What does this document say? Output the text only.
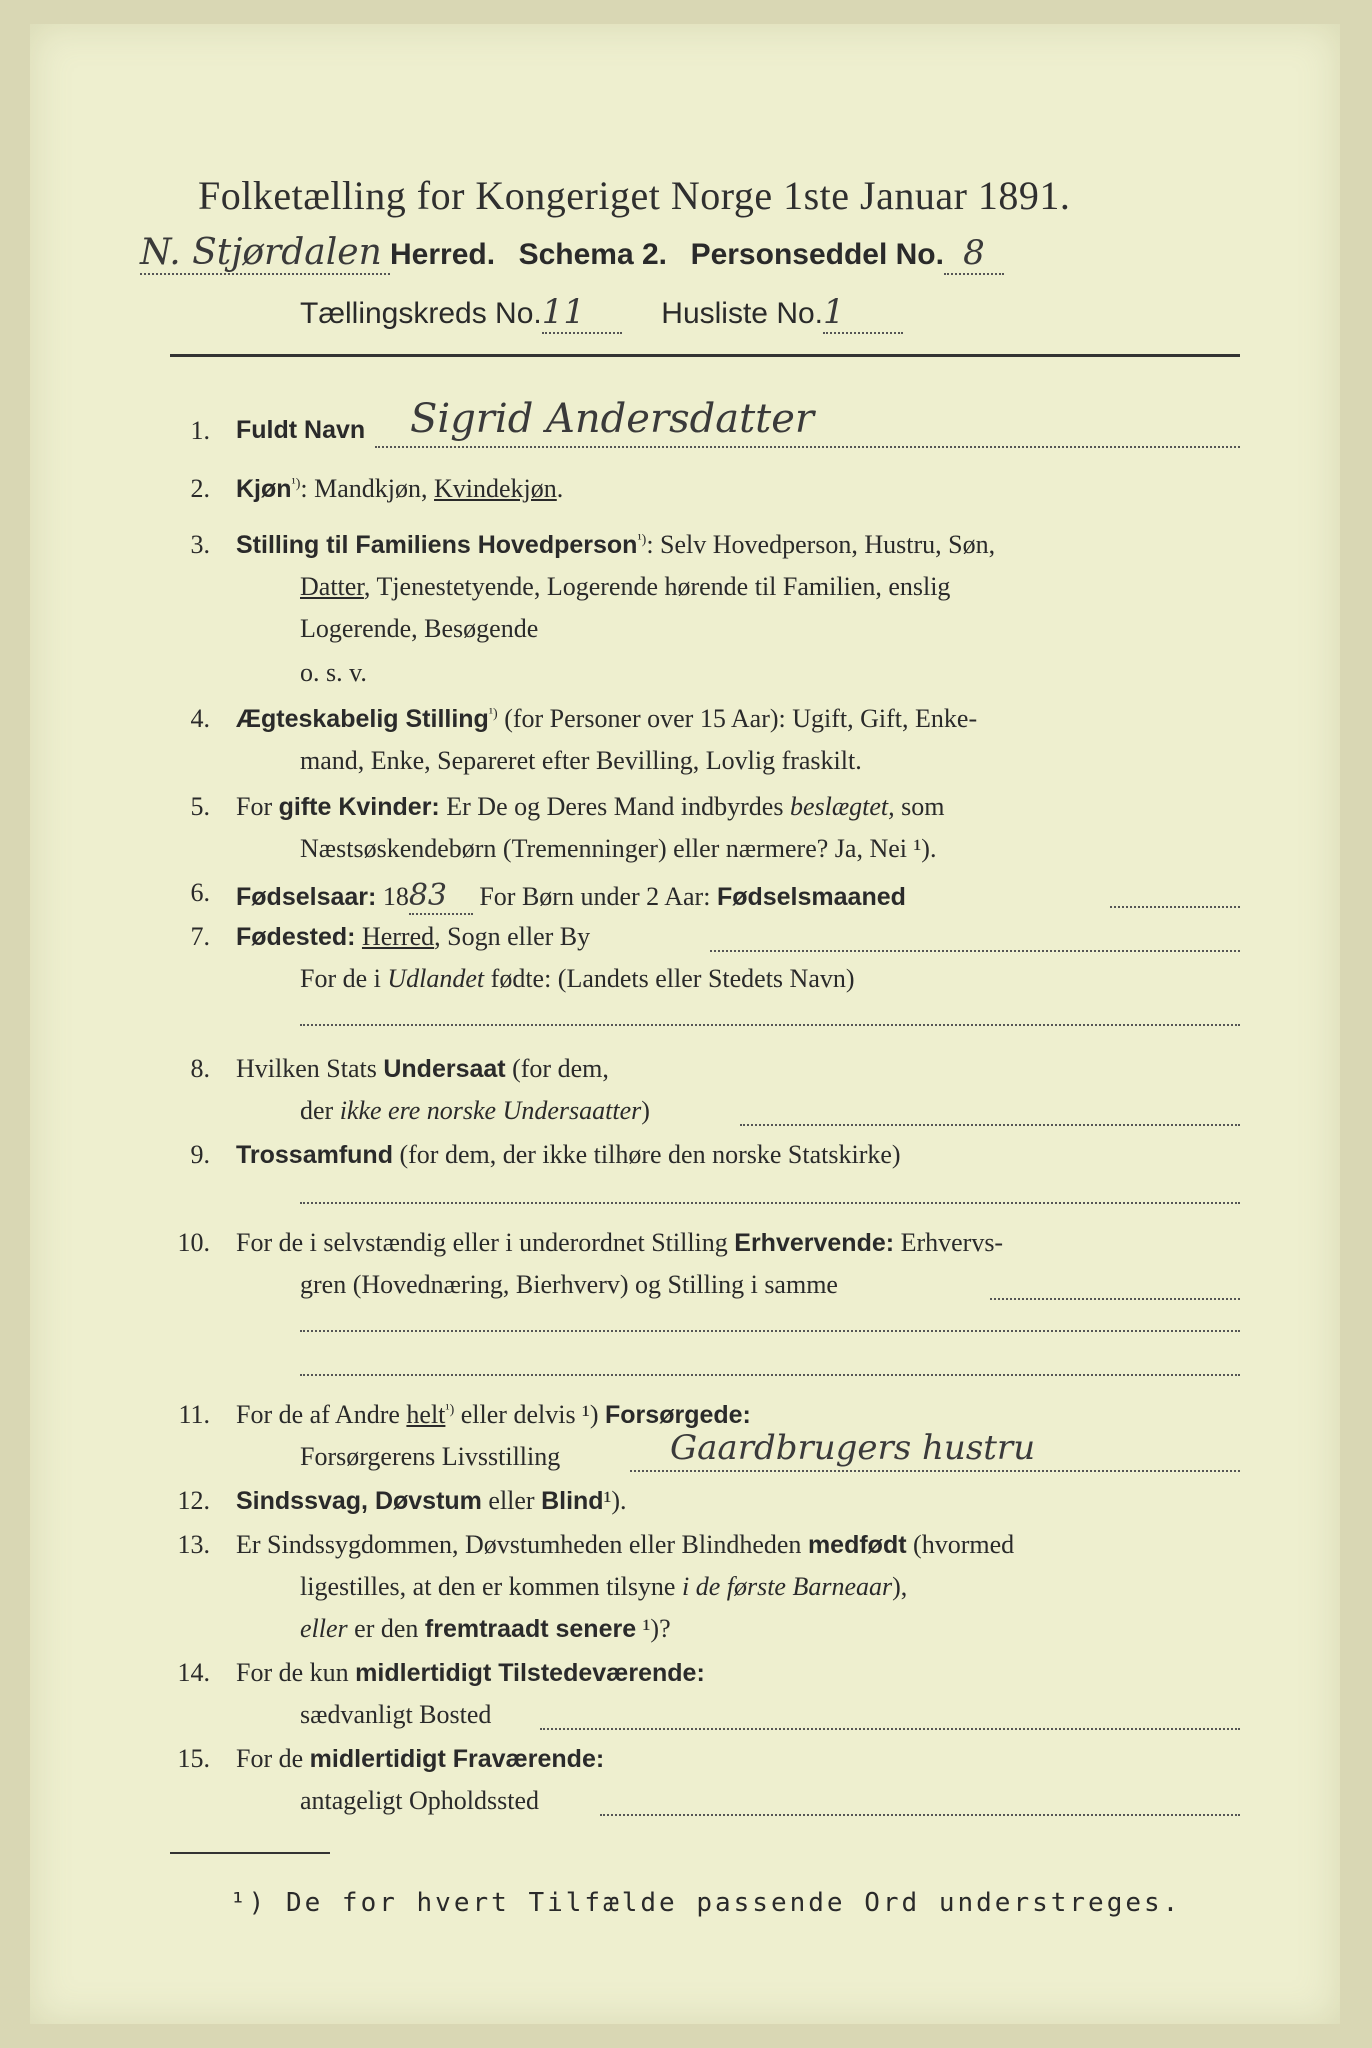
Folketælling for Kongeriget Norge 1ste Januar 1891.
N. Stjørdalen Herred. Schema 2. Personseddel No. 8
Tællingskreds No.11	Husliste No.1
1. Fuldt Navn Sigrid Andersdatter
2. Kjøn$^{^1)}$: Mandkjøn, Kvindekjøn.
3. Stilling til Familiens Hovedperson$^{^1)}$: Selv Hovedperson, Hustru, Søn,
Datter, Tjenestetyende, Logerende hørende til Familien, enslig
Logerende, Besøgende
o. s. v.
4. Ægteskabelig Stilling$^{^1)}$ (for Personer over 15 Aar): Ugift, Gift, Enke-
mand, Enke, Separeret efter Bevilling, Lovlig fraskilt.
5. For gifte Kvinder: Er De og Deres Mand indbyrdes beslægtet, som
Næstsøskendebørn (Tremenninger) eller nærmere? Ja, Nei ¹).
6. Fødselsaar: 1883 For Børn under 2 Aar: Fødselsmaaned
7. Fødested: Herred, Sogn eller By
For de i Udlandet fødte: (Landets eller Stedets Navn)
8. Hvilken Stats Undersaat (for dem,
der ikke ere norske Undersaatter)
9. Trossamfund (for dem, der ikke tilhøre den norske Statskirke)
10. For de i selvstændig eller i underordnet Stilling Erhvervende: Erhvervs-
gren (Hovednæring, Bierhverv) og Stilling i samme
11. For de af Andre helt$^{^1)}$ eller delvis ¹) Forsørgede:
Forsørgerens Livsstilling	Gaardbrugers hustru
12. Sindssvag, Døvstum eller Blind¹).
13. Er Sindssygdommen, Døvstumheden eller Blindheden medfødt (hvormed
ligestilles, at den er kommen tilsyne i de første Barneaar),
eller er den fremtraadt senere ¹)?
14. For de kun midlertidigt Tilstedeværende:
sædvanligt Bosted
15. For de midlertidigt Fraværende:
antageligt Opholdssted
¹) De for hvert Tilfælde passende Ord understreges.
